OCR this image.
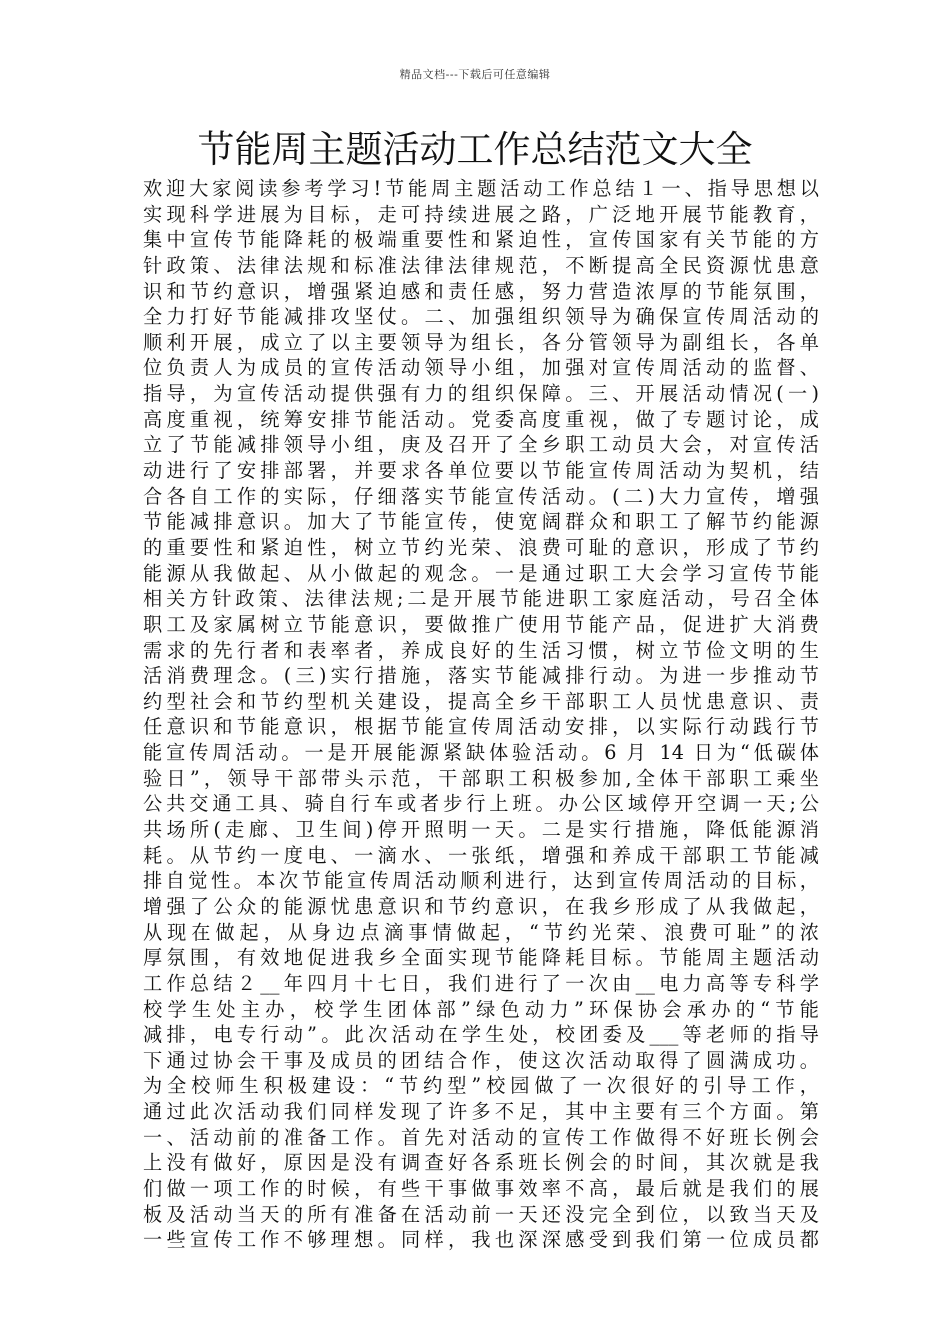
精品文档---下载后可任意编辑
节能周主题活动工作总结范文大全
欢迎大家阅读参考学习!节能周主题活动工作总结１一、指导思想以
实现科学进展为目标，走可持续进展之路，广泛地开展节能教育，
集中宣传节能降耗的极端重要性和紧迫性，宣传国家有关节能的方
针政策、法律法规和标准法律法律规范，不断提高全民资源忧患意
识和节约意识，增强紧迫感和责任感，努力营造浓厚的节能氛围，
全力打好节能减排攻坚仗。二、加强组织领导为确保宣传周活动的
顺利开展，成立了以主要领导为组长，各分管领导为副组长，各单
位负责人为成员的宣传活动领导小组，加强对宣传周活动的监督、
指导，为宣传活动提供强有力的组织保障。三、开展活动情况(一)
高度重视，统筹安排节能活动。党委高度重视，做了专题讨论，成
立了节能减排领导小组，庚及召开了全乡职工动员大会，对宣传活
动进行了安排部署，并要求各单位要以节能宣传周活动为契机，结
合各自工作的实际，仔细落实节能宣传活动。(二)大力宣传，增强
节能减排意识。加大了节能宣传，使宽阔群众和职工了解节约能源
的重要性和紧迫性，树立节约光荣、浪费可耻的意识，形成了节约
能源从我做起、从小做起的观念。一是通过职工大会学习宣传节能
相关方针政策、法律法规;二是开展节能进职工家庭活动，号召全体
职工及家属树立节能意识，要做推广使用节能产品，促进扩大消费
需求的先行者和表率者，养成良好的生活习惯，树立节俭文明的生
活消费理念。(三)实行措施，落实节能减排行动。为进一步推动节
约型社会和节约型机关建设，提高全乡干部职工人员忧患意识、责
任意识和节能意识，根据节能宣传周活动安排，以实际行动践行节
能宣传周活动。一是开展能源紧缺体验活动。6 月 14 日为“低碳体
验日”，领导干部带头示范，干部职工积极参加,全体干部职工乘坐
公共交通工具、骑自行车或者步行上班。办公区域停开空调一天;公
共场所(走廊、卫生间)停开照明一天。二是实行措施，降低能源消
耗。从节约一度电、一滴水、一张纸，增强和养成干部职工节能减
排自觉性。本次节能宣传周活动顺利进行，达到宣传周活动的目标，
增强了公众的能源忧患意识和节约意识，在我乡形成了从我做起，
从现在做起，从身边点滴事情做起，“节约光荣、浪费可耻”的浓
厚氛围，有效地促进我乡全面实现节能降耗目标。节能周主题活动
工作总结２__年四月十七日，我们进行了一次由__电力高等专科学
校学生处主办，校学生团体部”绿色动力”环保协会承办的“节能
减排，电专行动”。此次活动在学生处，校团委及___等老师的指导
下通过协会干事及成员的团结合作，使这次活动取得了圆满成功。
为全校师生积极建设：“节约型”校园做了一次很好的引导工作，
通过此次活动我们同样发现了许多不足，其中主要有三个方面。第
一、活动前的准备工作。首先对活动的宣传工作做得不好班长例会
上没有做好，原因是没有调查好各系班长例会的时间，其次就是我
们做一项工作的时候，有些干事做事效率不高，最后就是我们的展
板及活动当天的所有准备在活动前一天还没完全到位，以致当天及
一些宣传工作不够理想。同样，我也深深感受到我们第一位成员都
